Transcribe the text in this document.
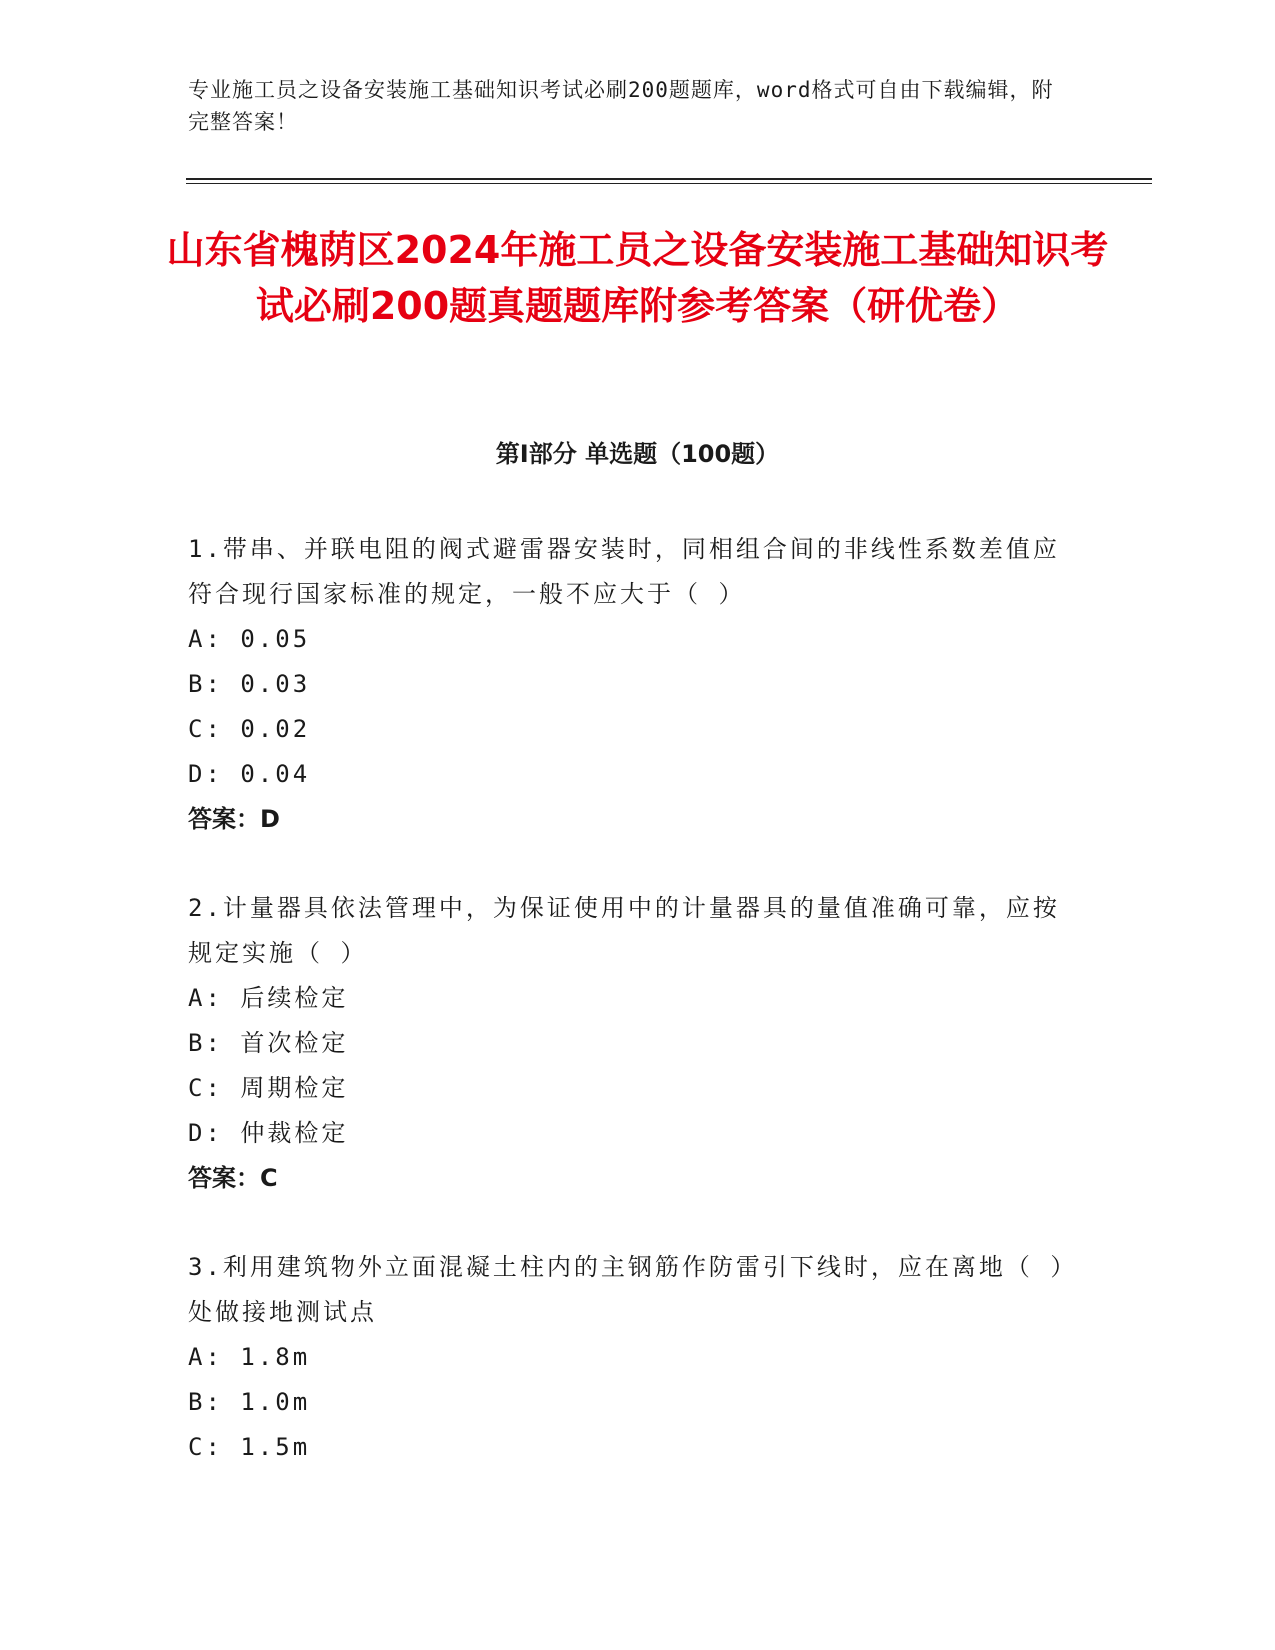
专业施工员之设备安装施工基础知识考试必刷200题题库，word格式可自由下载编辑，附完整答案！
山东省槐荫区2024年施工员之设备安装施工基础知识考试必刷200题真题题库附参考答案（研优卷）
第Ⅰ部分 单选题（100题）

1.带串、并联电阻的阀式避雷器安装时，同相组合间的非线性系数差值应符合现行国家标准的规定，一般不应大于（ ）

A: 0.05

B: 0.03

C: 0.02

D: 0.04

答案：D

2.计量器具依法管理中，为保证使用中的计量器具的量值准确可靠，应按规定实施（ ）

A: 后续检定

B: 首次检定

C: 周期检定

D: 仲裁检定

答案：C

3.利用建筑物外立面混凝土柱内的主钢筋作防雷引下线时，应在离地（ ）处做接地测试点

A: 1.8m

B: 1.0m

C: 1.5m
